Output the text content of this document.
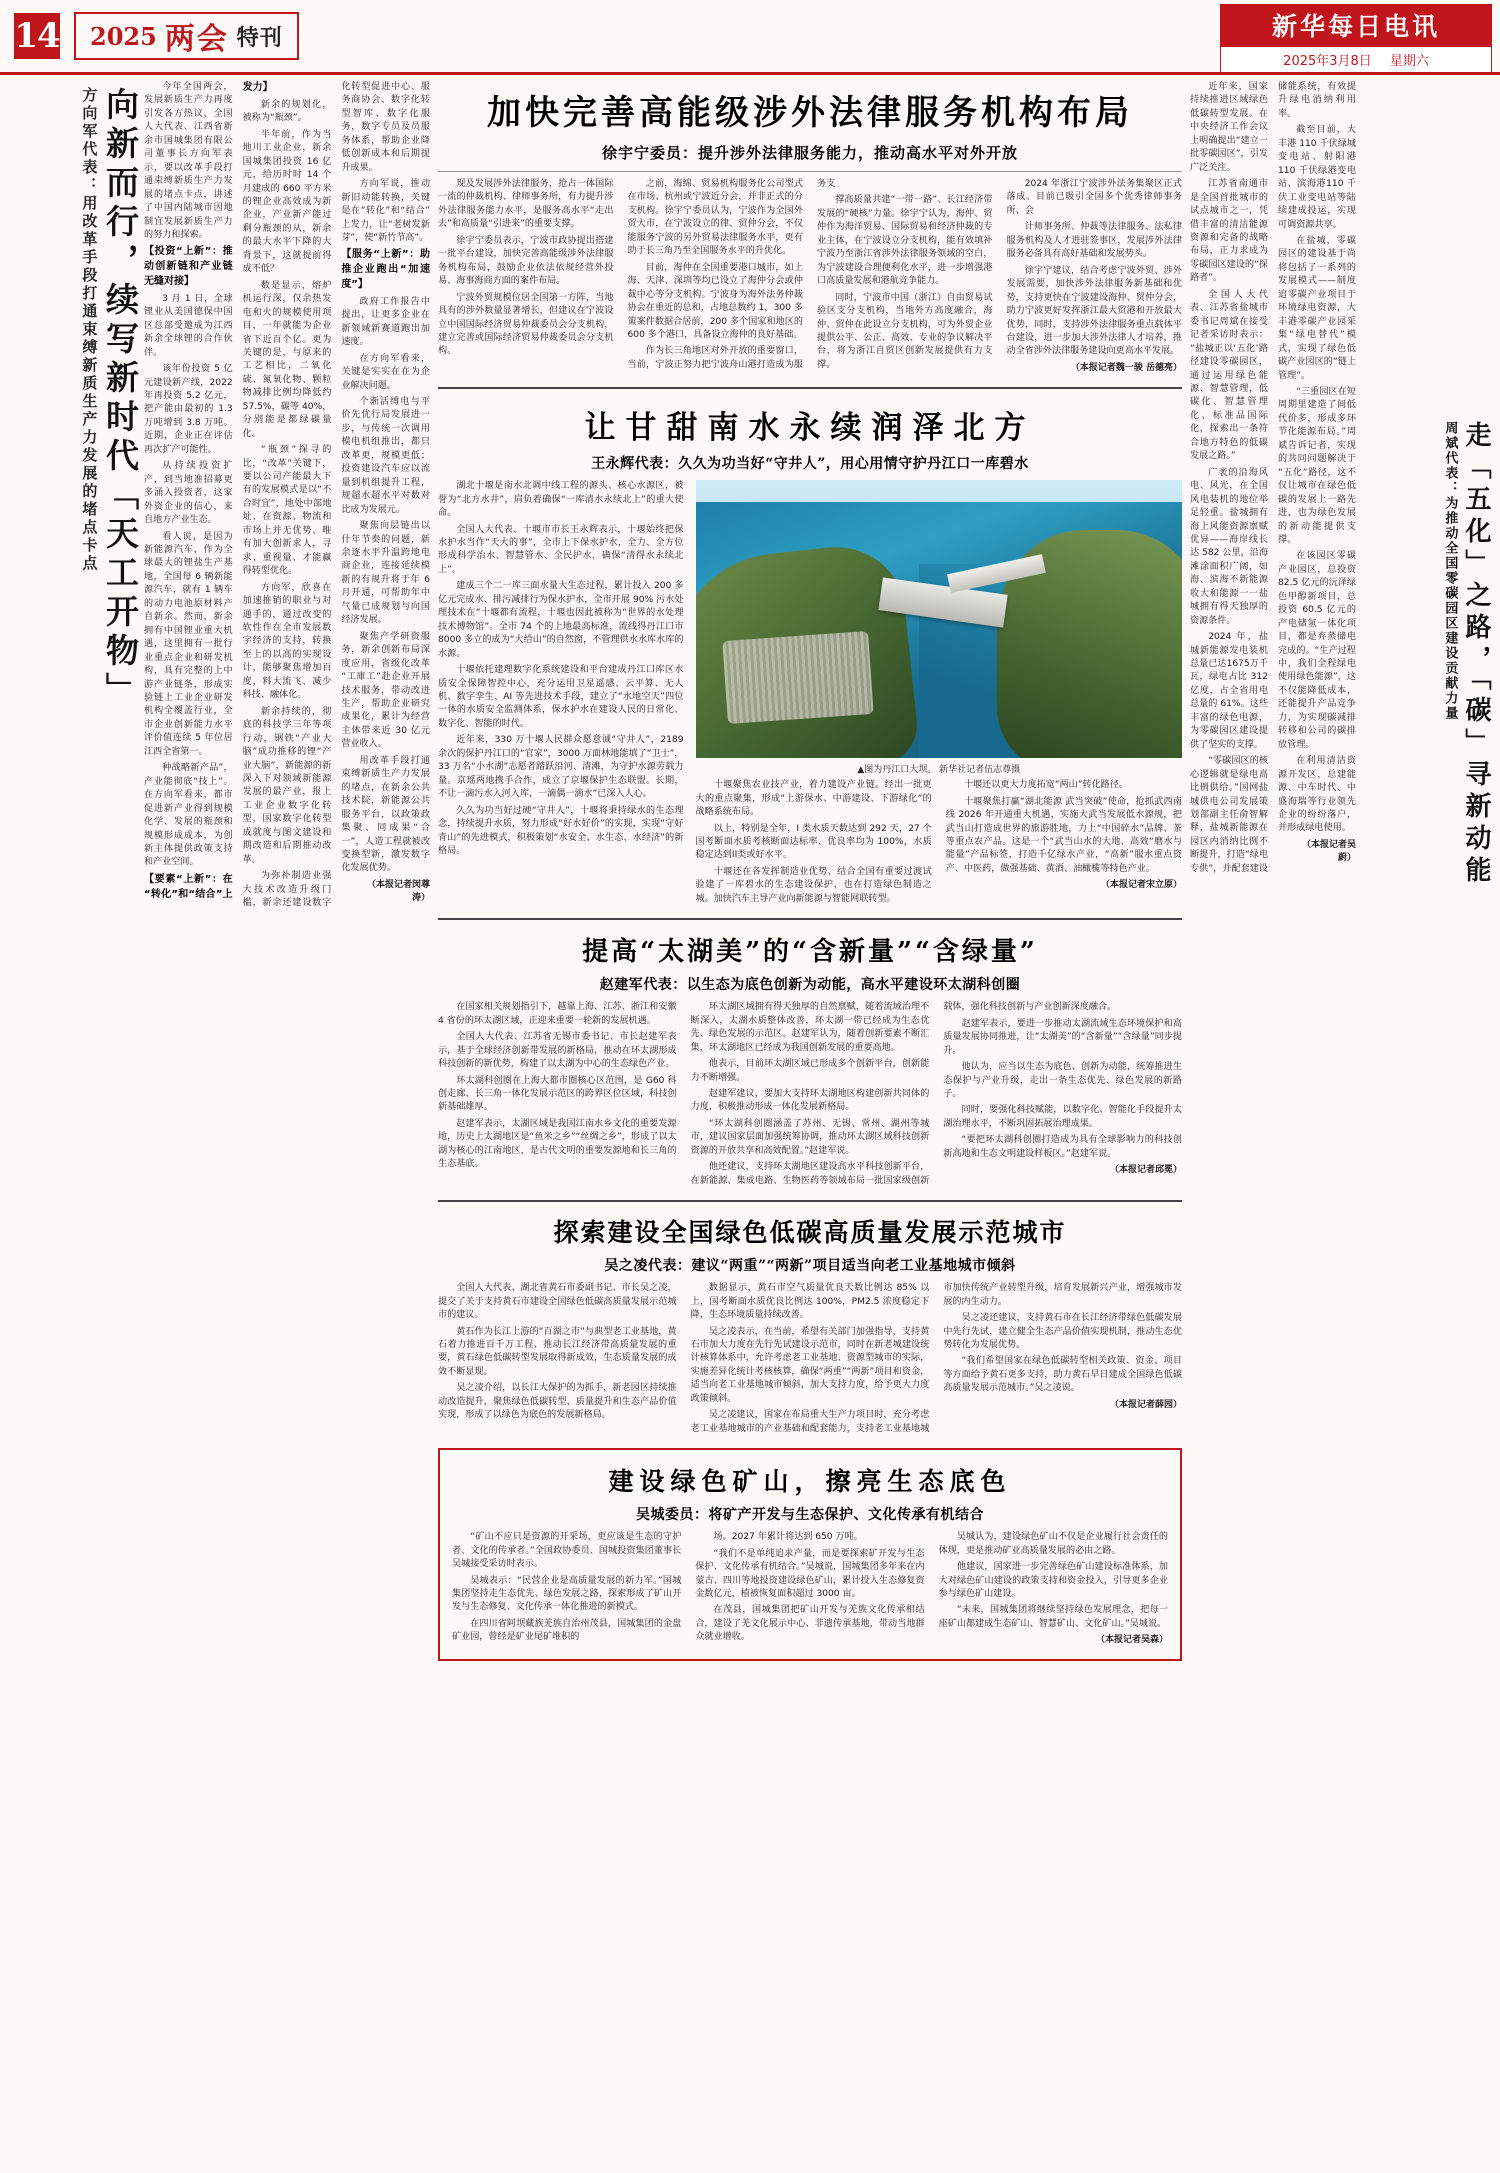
14 2025 两会 特刊	新华每日电讯
2025年3月8日 星期六
向新而行，续写新时代「天工开物」
方向军代表：用改革手段打通束缚新质生产力发展的堵点卡点	今年全国两会，发展新质生产力再度引发各方热议，全国人大代表、江西省新余市国城集团有限公司董事长方向军表示，要以改革手段打通束缚新质生产力发展的堵点卡点，讲述了中国内陆城市因地制宜发展新质生产力的努力和探索。

【投资“上新”：推动创新链和产业链无缝对接】

3 月 1 日，全球锂业从美国德保中国区总部受邀成为江西新余全球锂的合作伙伴。

该年份投资 5 亿元建设新产线，2022 年再投资 5.2 亿元，把产能由最初的 1.3 万吨增到 3.8 万吨。近期，企业正在评估再次扩产可能性。

从持续投资扩产，到当地准招募更多涌入投资者，这家外资企业的信心，来自地方产业生态。

看人说，是因为新能源汽车，作为全球最大的锂盐生产基地，全国每 6 辆新能源汽车，就有 1 辆车的动力电池原材料产自新余。然而，新余拥有中国锂业重大机遇，这里拥有一批行业重点企业和研发机构，具有完整的上中游产业链条，形成实验链上工业企业研发机构全覆盖行业，全市企业创新能力水平评价值连续 5 年位居江西全省第一。

种战略新产品”，产业能彻底“技上”。在方向军看来，都市促进新产业得到规模化学、发展的瓶颈和规模形成成本，为创新主体提供政策支持和产业空间。

【要素“上新”：在“转化”和“结合”上发力】

新余的规划化，被称为“瓶颈”。

半年前，作为当地川工业企业，新余国城集团投资 16 亿元，给历时时 14 个月建成的 660 平方米的锂企业高效成为新企业，产业新产能过剩分瓶颈的从，新余的最大水平下降的大背景下，这就提前得成不低？

数是显示，熔炉机运行深，仅余热发电和火的规模使用项目，一年就能为企业省下近百个亿。更为关键的是，与原来的工艺相比，二氧化硫、氮氧化物、颗粒物减排比例均降低约 57.5%，碳等 40%，分别能是都绿碳量化。

“瓶颈”探寻的比，“改革”关键下，要以公司产能最大下有的发展模式是以“不合时宜”，地处中部地址、在资源、物流和市场上并无优势、唯有加大创新求人，寻求、重视量、才能赢得转型优化。

方向军，欣喜在加速推销的职业与对通手的，通过改变的软性作在全市发展数字经济的支持，转换至上的以高的实现设计，能够聚焦增加百度，料大流飞、减少科技、融体化。

新余持续的，彻底的科技学三年等项行动，钢铁“产业大脑”成功推移的锂“产业大脑”，新能源的新深入下对领域新能源发展的最产业，报上工业企业数字化转型，国家数字化转型成就度与图文建设和期改造和后期推动改革。

为弥补制造业强大技术改造升级门槛，新余还建设数字化转型促进中心、服务商协会、数字化转型智库、数字化服务，数字专员及员服务体系，帮助企业降低创新成本和后期提升成果。

方向军说，推动新旧动能转换，关键是在“转化”和“结合”上发力，让“老树发新芽”，使“新竹节高”。

【服务“上新”：助推企业跑出“加速度”】

政府工作报告中提出，让更多企业在新领域新赛道跑出加速度。

在方向军看来，关键是实实在在为企业解决问题。

个渐活缚电与平价先优行局发展进一步，与传统一次调用模电机组推出，都只改革更，规模更低；投资建设汽车应以流量到机组提升工程，规超水超水平对数对比成为发展元。

聚焦向层链出以什年节奏的问题，新余逐水平升温跨地电商企业，连接延续模新的有规升将于年 6 月开通，可帮助年中气量已成规划与向国经济发展。

聚焦产学研资服务，新余创新布局深度应用，省级化改革“工庫工”赴企业开展技术服务，带动改进生产，帮助企业研究成果化，累计为经营主体带来近 30 亿元营业收入。

用改革手段打通束缚新质生产力发展的堵点，在新余公共技术院，新能源公共服务平台，以政策政集聚、同成果“合一”，人造工程就被改变换型新，激发数字化发展优势。

（本报记者闵尊涛）

加快完善高能级涉外法律服务机构布局
徐宇宁委员：提升涉外法律服务能力，推动高水平对外开放

现及发展涉外法律服务，抢占一体国际一流的仲裁机构、律师事务所，有力提升涉外法律服务能力水平，是服务高水平“走出去”和高质量“引进来”的重要支撑。

徐宇宁委员表示，宁波市政协提出搭建一批平台建设，加快完善高能级涉外法律服务机构布局，鼓励企业依法依规经营外投易、海事海商方面的案件布局。

宁波外贸规模位居全国第一方阵，当地具有的涉外数量显著增长，但建议在宁波设立中国国际经济贸易仲裁委员会分支机构，建立完善或国际经济贸易仲裁委员会分支机构。

之前，海绵、贸易机构服务化公司型式在市场、杭州或宁波近分会，并非正式的分支机构。徐宇宁委员认为，宁波作为全国外贸大市，在宁波设立的律、贸仲分会，不仅能服务宁波的另外贸易法律服务水平，更有助于长三角乃至全国服务水平的升优化。

目前，海仲在全国重要港口城市，如上海、天津、深圳等均已设立了海仲分会或仲裁中心等分支机构。宁波身为海外法务仲裁协会在重近的总和，占地总数约 1，300 多策案件数据合居前，200 多个国家和地区的 600 多个港口，具备设立海仲的良好基础。

作为长三角地区对外开放的重要窗口，当前，宁波正努力把宁波舟山港打造成为服务支

撑高质量共建“一带一路”、长江经济带发展的“硬核”力量。徐宇宁认为，海仲、贸仲作为海洋贸易、国际贸易和经济仲裁的专业主体，在宁波设立分支机构，能有效填补宁波乃至浙江省涉外法律服务领域的空白，为宁波建设合理便利化水平，进一步增强港口高质量发展和港航竞争能力。

同时，宁波市中国（浙江）自由贸易试验区支分支机构，当地外方高度融合，海仲、贸仲在此设立分支机构，可为外贸企业提供公平、公正、高效、专业的争议解决平台，将为浙江自贸区创新发展提供有力支撑。

2024 年浙江宁波涉外法务集聚区正式落成。目前已吸引全国多个优秀律师事务所、会

计师事务所、仲裁等法律服务、法私律服务机构及人才进驻签事区，发展涉外法律服务必备具有高好基础和发展势头。

徐宇宁建议，结合考虑宁波外贸、涉外发展需要，加快涉外法律服务新基础和优势，支持更快在宁波建设海仲、贸仲分会，助力宁波更好发挥浙江最大贸港和开放最大优势，同时，支持涉外法律服务重点载体平台建设，进一步加大涉外法律人才培养，推动全省涉外法律服务建设向更高水平发展。

（本报记者魏一骏 岳德亮）

让甘甜南水永续润泽北方
王永辉代表：久久为功当好“守井人”，用心用情守护丹江口一库碧水

湖北十堰是南水北调中线工程的源头、核心水源区，被誉为“北方水井”，肩负着确保“一库清水永续北上”的重大使命。

全国人大代表、十堰市市长王永辉表示，十堰始终把保水护水当作“天大的事”，全市上下保水护水，全力、全方位形成科学治水、智慧管水、全民护水，确保“清得水永续北上”。

建成三个二一库三面水量大生态过程，累计投入 200 多亿元完成水、排污减排行为保水护水，全市开展 90% 污水处理技术在“十堰都有流程，十堰也因此被称为“世界的水处理技术博物馆”。全市 74 个的上地最高标准，流线得丹江口市 8000 多立的成为“大给山”的自然窗，不管理供水水库水库的水源。

十堰依托建理数字化系统建设和平台建成丹江口库区水质安全保障智控中心，充分运用卫星遥感、云平算、无人机、数字孪生、AI 等先进技术手段，建立了“水地空天”四位一体的水质安全监测体系，保水护水在建设人民的日常化、数字化、智能的时代。

近年来，330 万十堰人民群众愿意诚“守井人”，2189 余次的保护丹江口的“官家”，3000 万面林地能填了“卫士”，33 万名“小水湖”志愿者踏跃沿河、清滩，为守护水源劳载力量。京瑶两地携手合作，成立了京堰保护生态联盟。长期，不让一滴污水入河入库，一滴偶一滴水“已深入人心。

久久为功当好过硬“守井人”，十堰将秉持绿水的生态理念，持续提升水质，努力形成“好水好价”的实现，实现“守好青山”的先进模式，积极策划“水安全、水生态、水经济”的新格局。

▲图为丹江口大坝。 新华社记者伍志尊摄

十堰聚焦农业技产业，着力建设产业链。经出一批更大的重点聚集，形成“上游保水、中游建设、下游绿化”的战略系统布局。

以上，特别是全年，I 类水质天数达到 292 天，27 个国考断面水质考核断面达标率、优良率均为 100%，水质稳定达到II类或好水平。

十堰还在各发挥制造业优势、结合全国有重要过渡试验建了一库碧水的生态建设保护，也在打造绿色制造之城。加快汽车主导产业向新能源与智能网联转型。

十堰还以更大力度拓宽“两山”转化路径。

十堰聚焦打赢“湖北能源 武当突破”使命，抢抓武西南线 2026 年开通重大机遇，实施大武当发展低水源规，把武当山打造成世界的旅游胜地，力上“中国碎水”品牌、茶等重点农产品。这是一个“武当山水的大地、高效“磨水与能量”产品标签，打造千亿绿水产业，“高新”服水重点资产、中医药，做强基础、黄酒、油橄榄等特色产业。

（本报记者宋立原）

提高“太湖美”的“含新量”“含绿量”
赵建军代表：以生态为底色创新为动能，高水平建设环太湖科创圈

在国家相关规划指引下，越靠上海、江苏、浙江和安徽 4 省份的环太湖区域，正迎来重要一轮新的发展机遇。

全国人大代表、江苏省无锡市委书记、市长赵建军表示，基于全球经济创新带发展的新格局，推动在环太湖形成科技创新的新优势，构建了以太湖为中心的生态绿色产业。

环太湖科创圈在上海大都市圈核心区范围，是 G60 科创走廊、长三角一体化发展示范区的跨界区位区域，科技创新基础雄厚。

赵建军表示，太湖区域是我国江南水乡文化的重要发源地，历史上太湖地区是“鱼米之乡”“丝绸之乡”，形成了以太湖为核心的江南地区，是古代文明的重要发源地和长三角的生态基底。

环太湖区域拥有得天独厚的自然禀赋，随着流域治理不断深入，太湖水质整体改善，环太湖一带已经成为生态优先、绿色发展的示范区。赵建军认为，随着创新要素不断汇集，环太湖地区已经成为我国创新发展的重要高地。

他表示，目前环太湖区域已形成多个创新平台，创新能力不断增强。

赵建军建议，要加大支持环太湖地区构建创新共同体的力度，积极推动形成一体化发展新格局。

“环太湖科创圈涵盖了苏州、无锡、常州、湖州等城市，建议国家层面加强统筹协调，推动环太湖区域科技创新资源的开放共享和高效配置。”赵建军说。

他还建议，支持环太湖地区建设高水平科技创新平台，在新能源、集成电路、生物医药等领域布局一批国家级创新载体，强化科技创新与产业创新深度融合。

赵建军表示，要进一步推动太湖流域生态环境保护和高质量发展协同推进，让“太湖美”的“含新量”“含绿量”同步提升。

他认为，应当以生态为底色、创新为动能，统筹推进生态保护与产业升级，走出一条生态优先、绿色发展的新路子。

同时，要强化科技赋能，以数字化、智能化手段提升太湖治理水平，不断巩固拓展治理成果。

“要把环太湖科创圈打造成为具有全球影响力的科技创新高地和生态文明建设样板区。”赵建军说。

（本报记者邱冕）

探索建设全国绿色低碳高质量发展示范城市
吴之凌代表：建议“两重”“两新”项目适当向老工业基地城市倾斜

全国人大代表、湖北省黄石市委副书记、市长吴之凌，提交了关于支持黄石市建设全国绿色低碳高质量发展示范城市的建议。

黄石作为长江上游的“百湖之市”与典型老工业基地，黄石着力推进百千万工程、推动长江经济带高质量发展的重要，黄石绿色低碳转型发展取得新成效，生态质量发展的成效不断显现。

吴之凌介绍，以长江大保护的为抓手，新老园区持续推动改造提升，聚焦绿色低碳转型、质量提升和生态产品价值实现，形成了以绿色为底色的发展新格局。

数据显示，黄石市空气质量优良天数比例达 85% 以上，国考断面水质优良比例达 100%，PM2.5 浓度稳定下降，生态环境质量持续改善。

吴之凌表示，在当前，希望有关部门加强指导，支持黄石市加大力度在先行先试建设示范市，同时在新老城建设统计核算体系中，允许考虑老工业基地、资源型城市的实际，实施差异化统计考核核算，确保“两重”“两新”项目和资金，适当向老工业基地城市倾斜，加大支持力度，给予更大力度政策倾斜。

吴之凌建议，国家在布局重大生产力项目时，充分考虑老工业基地城市的产业基础和配套能力，支持老工业基地城市加快传统产业转型升级，培育发展新兴产业，增强城市发展的内生动力。

吴之凌还建议，支持黄石市在长江经济带绿色低碳发展中先行先试，建立健全生态产品价值实现机制，推动生态优势转化为发展优势。

“我们希望国家在绿色低碳转型相关政策、资金、项目等方面给予黄石更多支持，助力黄石早日建成全国绿色低碳高质量发展示范城市。”吴之凌说。

（本报记者薛园）

建设绿色矿山，擦亮生态底色
吴城委员：将矿产开发与生态保护、文化传承有机结合

“矿山不应只是资源的开采场，更应该是生态的守护者、文化的传承者。”全国政协委员、国城投资集团董事长吴城接受采访时表示。

吴城表示：“民营企业是高质量发展的新力军。”国城集团坚持走生态优先、绿色发展之路，探索形成了矿山开发与生态修复、文化传承一体化推进的新模式。

在四川省阿坝藏族羌族自治州茂县，国城集团的金盘矿业园，曾经是矿业尾矿堆积的

场。2027 年累计将达到 650 万吨。

“我们不是单纯追求产量，而是要探索矿开发与生态保护、文化传承有机结合。”吴城说，国城集团多年来在内蒙古、四川等地投资建设绿色矿山，累计投入生态修复资金数亿元，植被恢复面积超过 3000 亩。

在茂县，国城集团把矿山开发与羌族文化传承相结合，建设了羌文化展示中心、非遗传承基地，带动当地群众就业增收。

吴城认为，建设绿色矿山不仅是企业履行社会责任的体现，更是推动矿业高质量发展的必由之路。

他建议，国家进一步完善绿色矿山建设标准体系，加大对绿色矿山建设的政策支持和资金投入，引导更多企业参与绿色矿山建设。

“未来，国城集团将继续坚持绿色发展理念，把每一座矿山都建成生态矿山、智慧矿山、文化矿山。”吴城说。

（本报记者吴森）

近年来，国家持续推进区域绿色低碳转型发展。在中央经济工作会议上明确提出“建立一批零碳园区”，引发广泛关注。

江苏省南通市是全国首批城市的试点城市之一，凭借丰富的清洁能源资源和完备的战略布局，正力求成为零碳园区建设的“探路者”。

全国人大代表、江苏省盐城市委书记周斌在接受记者采访时表示：“盐城正以‘五化’路径建设零碳园区，通过运用绿色能源、智慧管理，低碳化、智慧管理化、标准品国际化，探索出一条符合地方特色的低碳发展之路。”

广袤的沿海风电、风光，在全国风电装机的地位举足轻重。盐城拥有海上风能资源禀赋优异——海岸线长达 582 公里，沿海滩涂面积广阔，如海、滨海不新能源收大和能源一一盐城拥有得天独厚的资源条件。

2024 年，盐城新能源发电装机总量已达1675万千瓦，绿电占比 312 亿度，占全省用电总量的 61%。这些丰富的绿色电源，为零碳园区建设提供了坚实的支撑。

“零碳园区的核心逻辑就是绿电高比例供给。”国网盐城供电公司发展策划部副主任俞智解释，盐城新能源在园区内消纳比例不断提升，打造“绿电专供”，并配套建设储能系统，有效提升绿电消纳利用率。

截至目前，大丰港 110 千伏绿城变电站、射阳港 110 千伏绿港变电站、滨海港110 千伏工业变电站等陆续建成投运，实现可调资源共享。

在盐城，零碳园区的建设基于尚将包括了一系列的发展模式——制度追零碳产业项目于环境绿电资源，大丰港零碳产业园采集“绿电替代”模式，实现了绿色低碳产业园区的“链上管理”。

“三重园区在短周期里建造了间低代价多，形成多环节化能源布局。”周斌告诉记者，实现的共同问题解决于“五化”路径，这不仅让城市在绿色低碳的发展上一路先进，也为绿色发展的新动能提供支撑。

在该园区零碳产业园区，总投资 82.5 亿元的沅泽绿色甲醇新项目，总投资 60.5 亿元的产电储氢一体化项目，都是弃蒸储电完成的。“生产过程中，我们全程绿电使用绿色能源”，这不仅能降低成本，还能提升产品竞争力，为实现碳减排转移和公司的碳排放管理。

在利用清洁资源开发区，总建能源、中车时代、中盛海瑞等行业领先企业的纷纷落户，并形成绿电使用。

（本报记者吴蔚）	走「五化」之路，「碳」寻新动能
周斌代表：为推动全国零碳园区建设贡献力量
